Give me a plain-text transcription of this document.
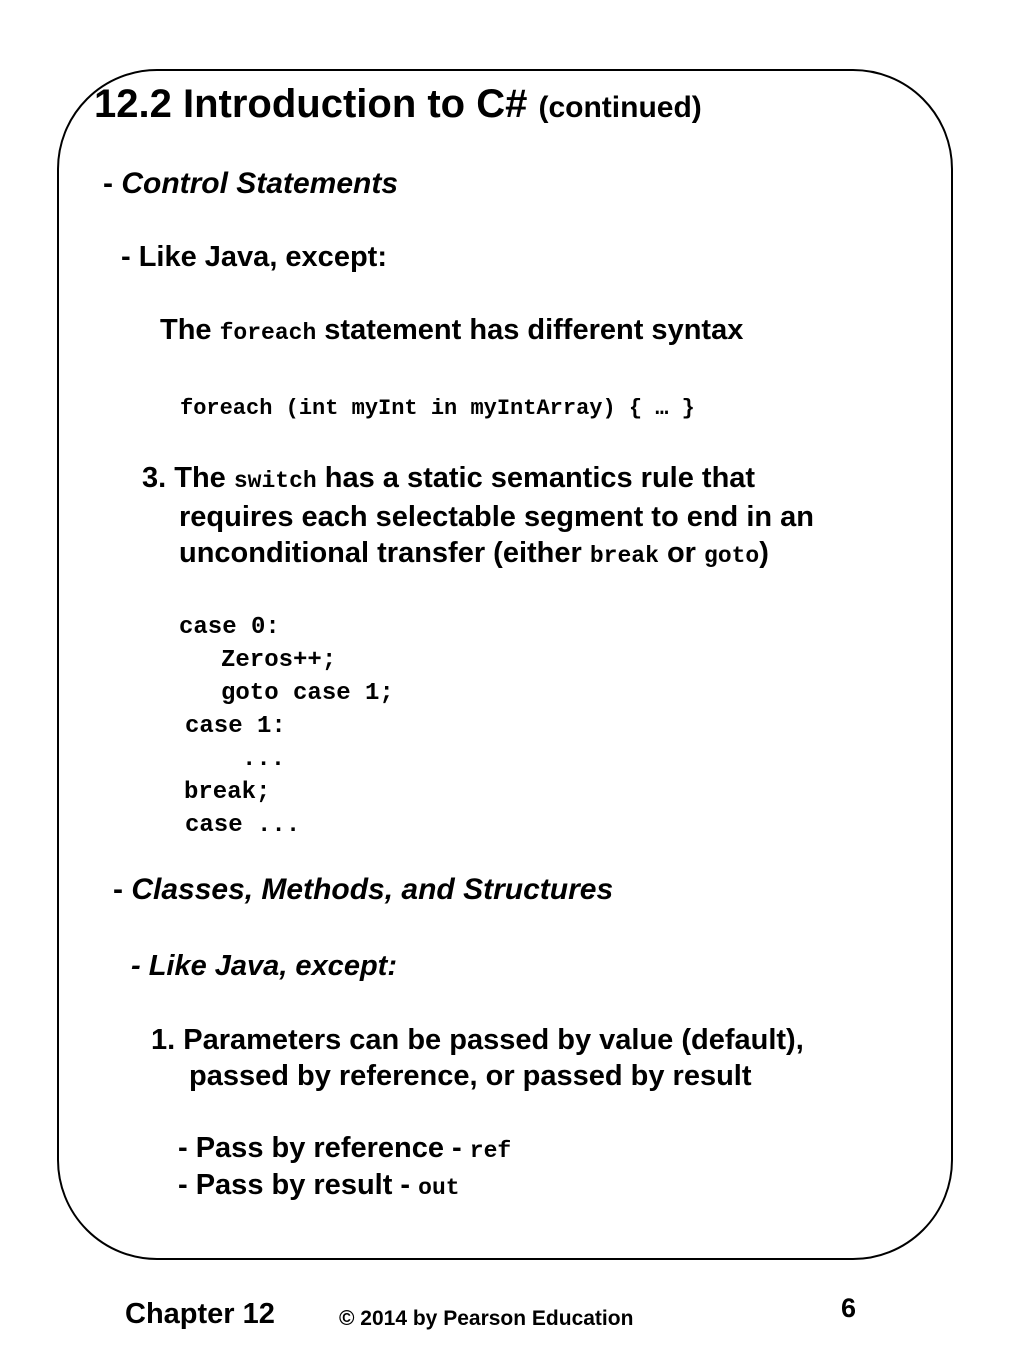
12.2 Introduction to C# (continued)
- Control Statements
- Like Java, except:
The foreach statement has different syntax
foreach (int myInt in myIntArray) { … }
3. The switch has a static semantics rule that
requires each selectable segment to end in an
unconditional transfer (either break or goto)
case 0:
Zeros++;
goto case 1;
case 1:
...
break;
case ...
- Classes, Methods, and Structures
- Like Java, except:
1. Parameters can be passed by value (default),
passed by reference, or passed by result
- Pass by reference - ref
- Pass by result - out
Chapter 12	© 2014 by Pearson Education	6
